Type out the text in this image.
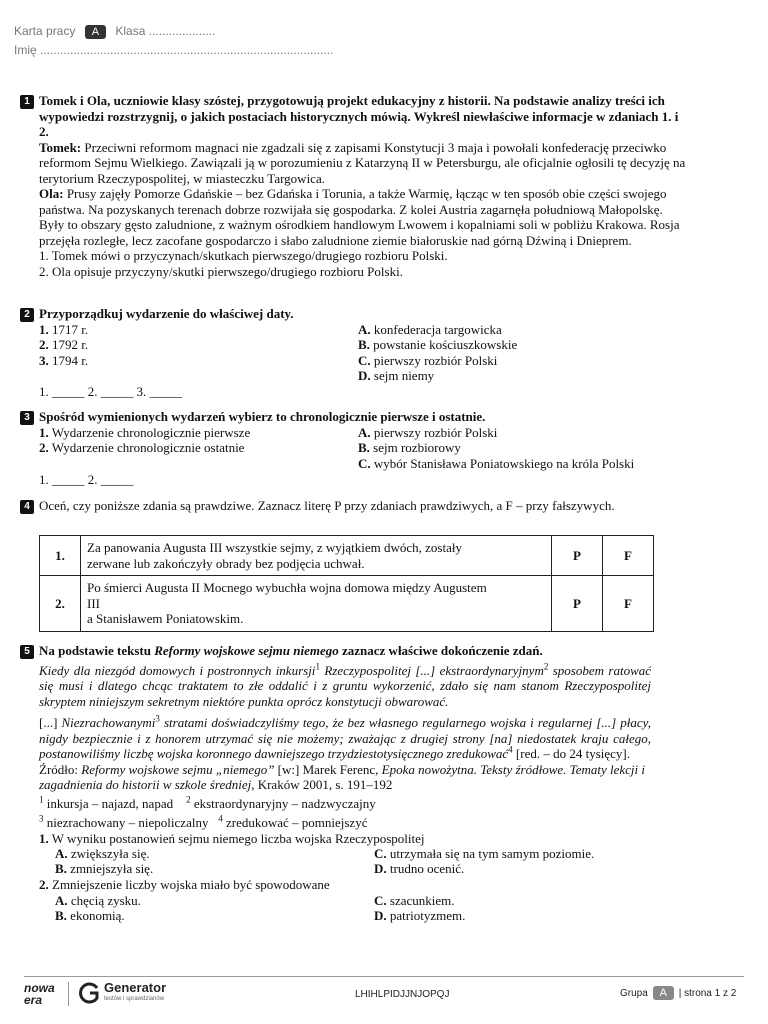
Karta pracy A Klasa ....................
Imię ........................................................................................
1 Tomek i Ola, uczniowie klasy szóstej, przygotowują projekt edukacyjny z historii. Na podstawie analizy treści ich wypowiedzi rozstrzygnij, o jakich postaciach historycznych mówią. Wykreśl niewłaściwe informacje w zdaniach 1. i 2.
Tomek: Przeciwni reformom magnaci nie zgadzali się z zapisami Konstytucji 3 maja i powołali konfederację przeciwko reformom Sejmu Wielkiego. Zawiązali ją w porozumieniu z Katarzyną II w Petersburgu, ale oficjalnie ogłosili tę decyzję na terytorium Rzeczypospolitej, w miasteczku Targowica.
Ola: Prusy zajęły Pomorze Gdańskie – bez Gdańska i Torunia, a także Warmię, łącząc w ten sposób obie części swojego państwa. Na pozyskanych terenach dobrze rozwijała się gospodarka. Z kolei Austria zagarnęła południową Małopolskę. Były to obszary gęsto zaludnione, z ważnym ośrodkiem handlowym Lwowem i kopalniami soli w pobliżu Krakowa. Rosja przejęła rozległe, lecz zacofane gospodarczo i słabo zaludnione ziemie białoruskie nad górną Dźwiną i Dnieprem.
1. Tomek mówi o przyczynach/skutkach pierwszego/drugiego rozbioru Polski.
2. Ola opisuje przyczyny/skutki pierwszego/drugiego rozbioru Polski.
2 Przyporządkuj wydarzenie do właściwej daty.
1. 1717 r.
2. 1792 r.
3. 1794 r.
A. konfederacja targowicka
B. powstanie kościuszkowskie
C. pierwszy rozbiór Polski
D. sejm niemy
1. _____ 2. _____ 3. _____
3 Spośród wymienionych wydarzeń wybierz to chronologicznie pierwsze i ostatnie.
1. Wydarzenie chronologicznie pierwsze
2. Wydarzenie chronologicznie ostatnie
A. pierwszy rozbiór Polski
B. sejm rozbiorowy
C. wybór Stanisława Poniatowskiego na króla Polski
1. _____ 2. _____
4 Oceń, czy poniższe zdania są prawdziwe. Zaznacz literę P przy zdaniach prawdziwych, a F – przy fałszywych.
1.	Za panowania Augusta III wszystkie sejmy, z wyjątkiem dwóch, zostały
zerwane lub zakończyły obrady bez podjęcia uchwał.	P	F
2.	Po śmierci Augusta II Mocnego wybuchła wojna domowa między Augustem
III
a Stanisławem Poniatowskim.	P	F
5 Na podstawie tekstu Reformy wojskowe sejmu niemego zaznacz właściwe dokończenie zdań.
Kiedy dla niezgód domowych i postronnych inkursji$^1$ Rzeczypospolitej [...] ekstraordynaryjnym$^2$ sposobem ratować się musi i dlatego chcąc traktatem to złe oddalić i z gruntu wykorzenić, zdało się nam stanom Rzeczypospolitej skryptem niniejszym sekretnym niektóre punkta oprócz konstytucji obwarować.
[...] Niezrachowanymi$^3$ stratami doświadczyliśmy tego, że bez własnego regularnego wojska i regularnej [...] płacy, nigdy bezpiecznie i z honorem utrzymać się nie możemy; zważając z drugiej strony [na] niedostatek kraju całego, postanowiliśmy liczbę wojska koronnego dawniejszego trzydziestotysięcznego zredukować$^4$ [red. – do 24 tysięcy].
Źródło: Reformy wojskowe sejmu „niemego” [w:] Marek Ferenc, Epoka nowożytna. Teksty źródłowe. Tematy lekcji i zagadnienia do historii w szkole średniej, Kraków 2001, s. 191–192
$^1$ inkursja – najazd, napad $^2$ ekstraordynaryjny – nadzwyczajny
$^3$ niezrachowany – niepoliczalny $^4$ zredukować – pomniejszyć
1. W wyniku postanowień sejmu niemego liczba wojska Rzeczypospolitej
A. zwiększyła się.
B. zmniejszyła się.
C. utrzymała się na tym samym poziomie.
D. trudno ocenić.
2. Zmniejszenie liczby wojska miało być spowodowane
A. chęcią zysku.
B. ekonomią.
C. szacunkiem.
D. patriotyzmem.
nowa
era
Generator
testów i sprawdzianów	LHIHLPIDJJNJOPQJ	Grupa A | strona 1 z 2
